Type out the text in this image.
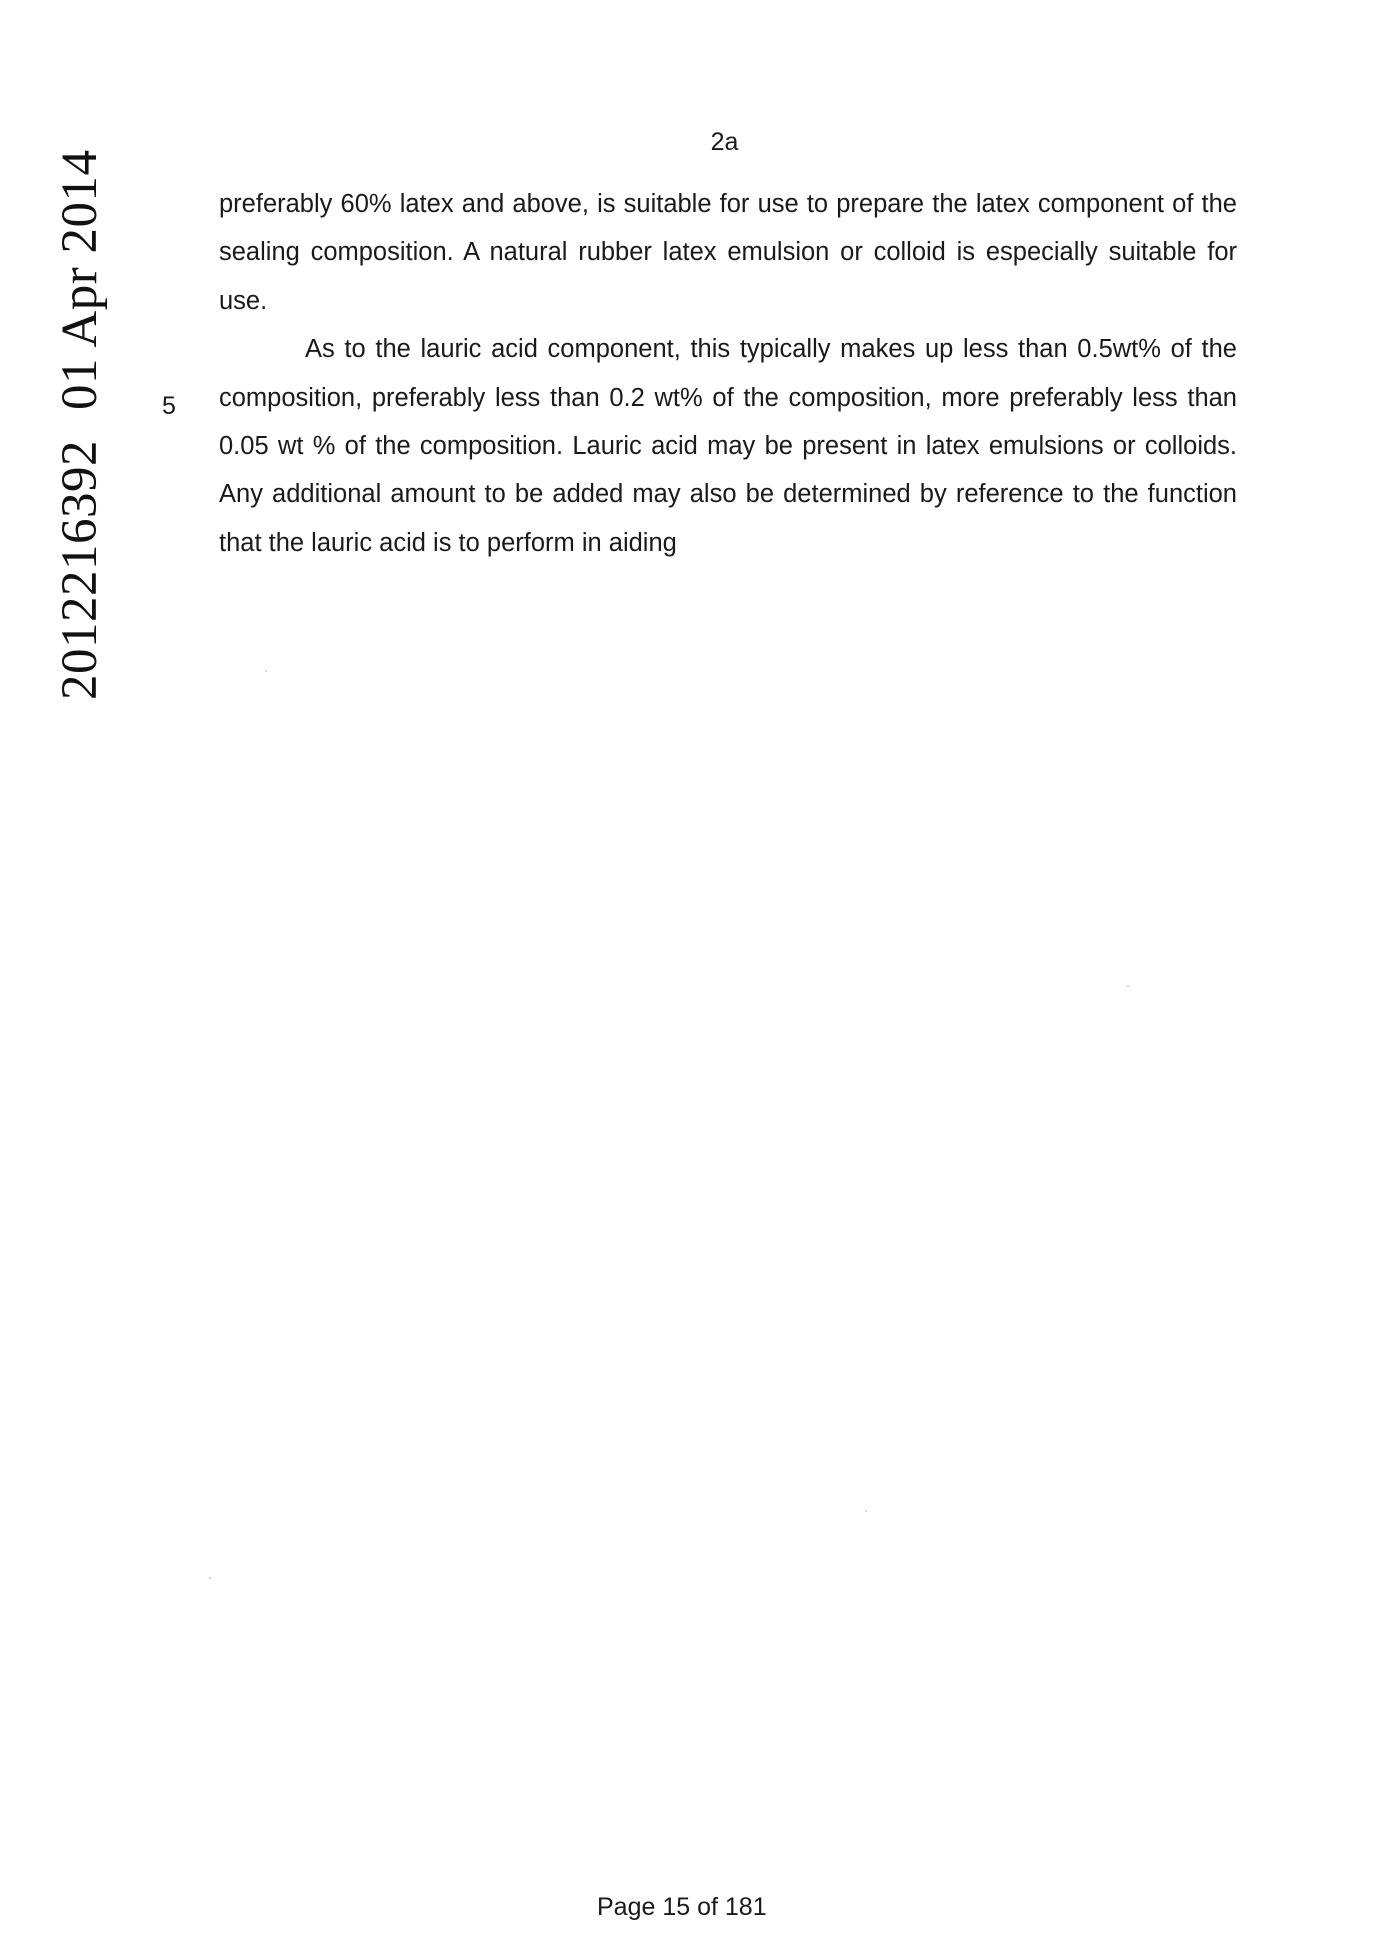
2a
201221639201 Apr 2014 5

preferably 60% latex and above, is suitable for use to prepare the latex component of the sealing composition. A natural rubber latex emulsion or colloid is especially suitable for use.

As to the lauric acid component, this typically makes up less than 0.5wt% of the composition, preferably less than 0.2 wt% of the composition, more preferably less than 0.05 wt % of the composition. Lauric acid may be present in latex emulsions or colloids. Any additional amount to be added may also be determined by reference to the function that the lauric acid is to perform in aiding

Page 15 of 181
